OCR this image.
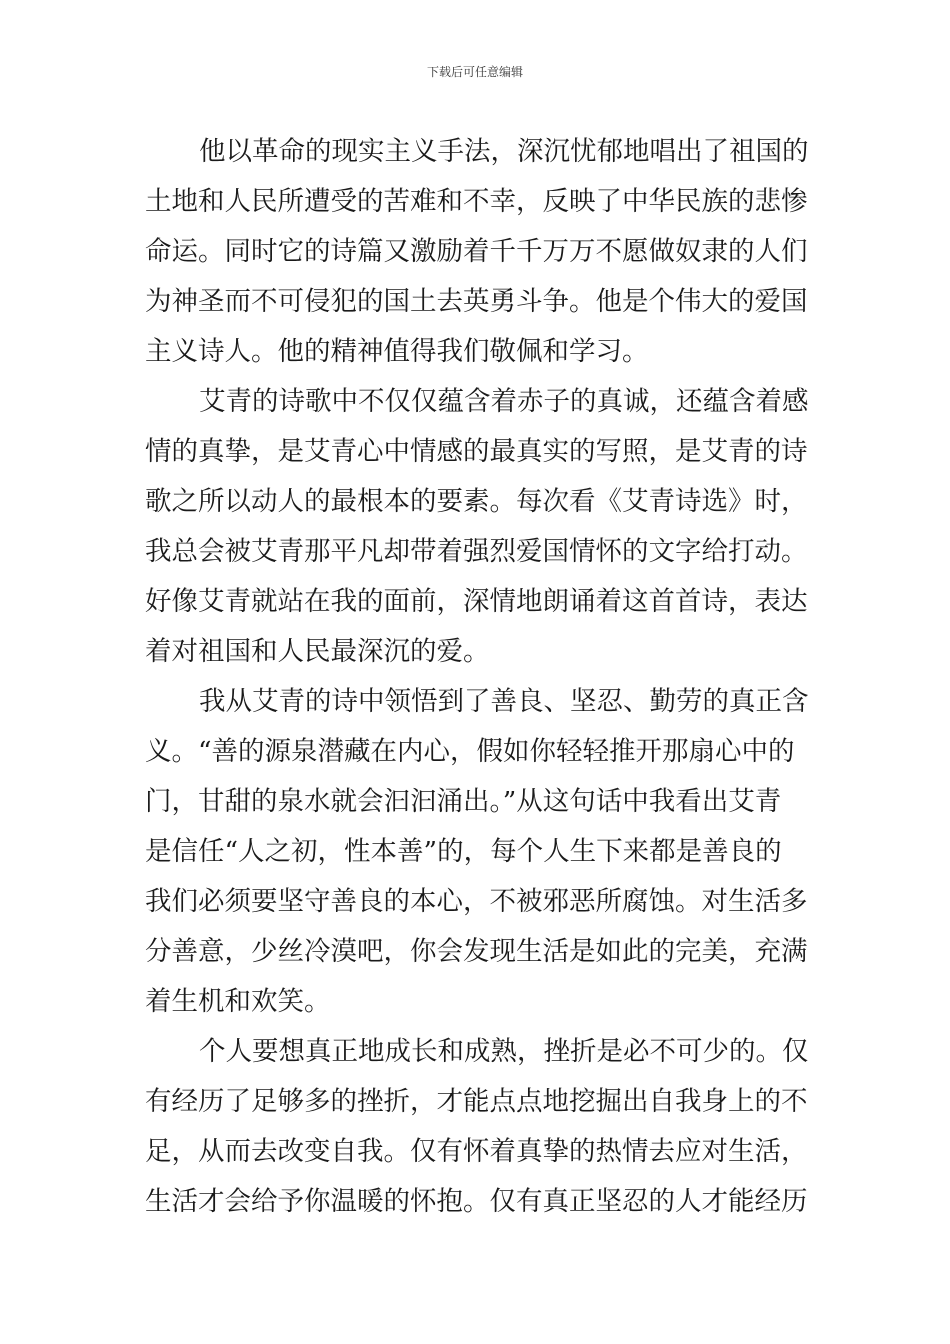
下载后可任意编辑
他以革命的现实主义手法，深沉忧郁地唱出了祖国的
土地和人民所遭受的苦难和不幸，反映了中华民族的悲惨
命运。同时它的诗篇又激励着千千万万不愿做奴隶的人们
为神圣而不可侵犯的国土去英勇斗争。他是个伟大的爱国
主义诗人。他的精神值得我们敬佩和学习。
艾青的诗歌中不仅仅蕴含着赤子的真诚，还蕴含着感
情的真挚，是艾青心中情感的最真实的写照，是艾青的诗
歌之所以动人的最根本的要素。每次看《艾青诗选》时，
我总会被艾青那平凡却带着强烈爱国情怀的文字给打动。
好像艾青就站在我的面前，深情地朗诵着这首首诗，表达
着对祖国和人民最深沉的爱。
我从艾青的诗中领悟到了善良、坚忍、勤劳的真正含
义。“善的源泉潜藏在内心，假如你轻轻推开那扇心中的
门，甘甜的泉水就会汩汩涌出。”从这句话中我看出艾青
是信任“人之初，性本善”的，每个人生下来都是善良的
我们必须要坚守善良的本心，不被邪恶所腐蚀。对生活多
分善意，少丝冷漠吧，你会发现生活是如此的完美，充满
着生机和欢笑。
个人要想真正地成长和成熟，挫折是必不可少的。仅
有经历了足够多的挫折，才能点点地挖掘出自我身上的不
足，从而去改变自我。仅有怀着真挚的热情去应对生活，
生活才会给予你温暖的怀抱。仅有真正坚忍的人才能经历
